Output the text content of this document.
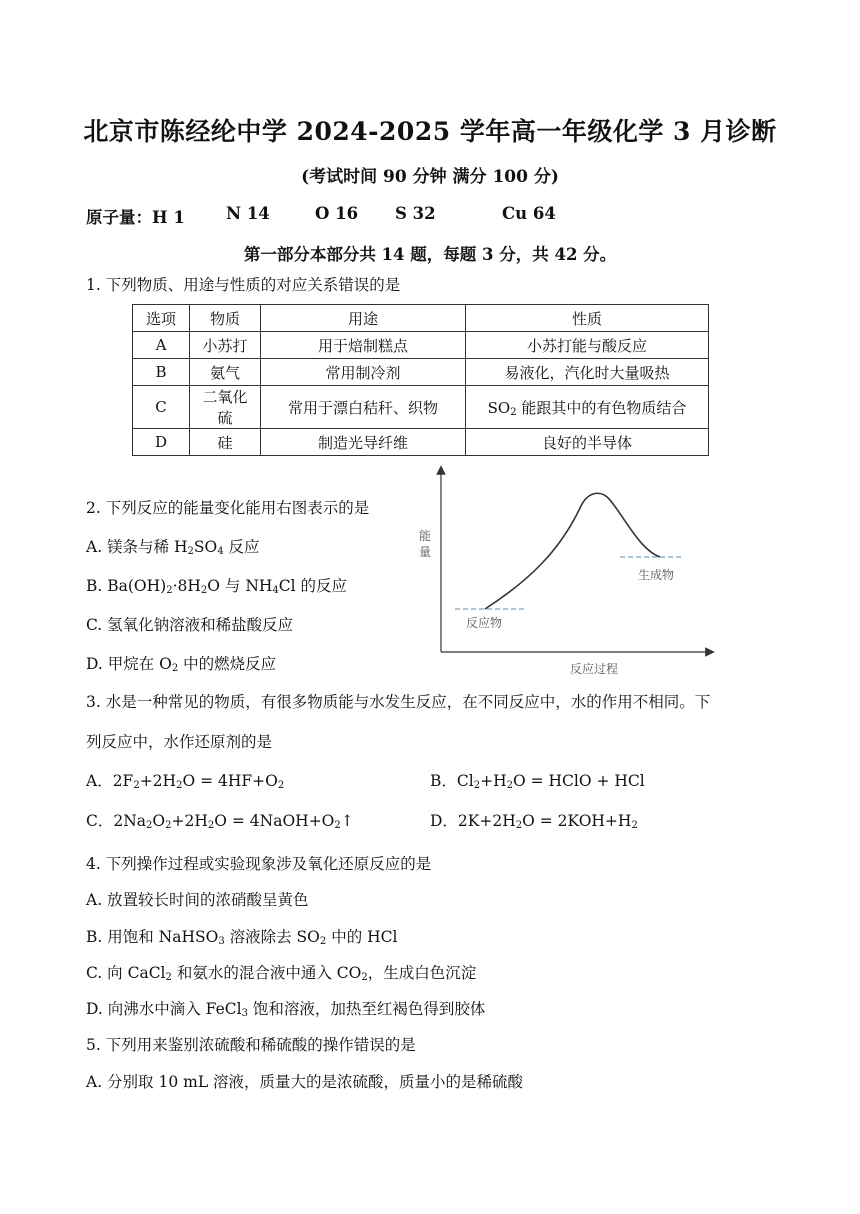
北京市陈经纶中学 2024-2025 学年高一年级化学 3 月诊断
(考试时间 90 分钟 满分 100 分)
原子量：H 1 N 14	O 16 S 32	Cu 64
第一部分本部分共 14 题，每题 3 分，共 42 分。
1. 下列物质、用途与性质的对应关系错误的是
选项	物质	用途	性质
A	小苏打	用于焙制糕点	小苏打能与酸反应
B	氨气	常用制冷剂	易液化，汽化时大量吸热
C	二氧化硫	常用于漂白秸秆、织物	$SO_2$ 能跟其中的有色物质结合
D	硅	制造光导纤维	良好的半导体
2. 下列反应的能量变化能用右图表示的是
A. 镁条与稀 $H_2SO_4$ 反应
B. $Ba(OH)_2\cdot 8H_2O$ 与 $NH_4Cl$ 的反应
C. 氢氧化钠溶液和稀盐酸反应
D. 甲烷在 $O_2$ 中的燃烧反应
能
量
反应物
生成物
反应过程
3. 水是一种常见的物质，有很多物质能与水发生反应，在不同反应中，水的作用不相同。下
列反应中，水作还原剂的是
A．$2F_2+2H_2O = 4HF+O_2$	B．$Cl_2+H_2O$ = HClO + HCl
C．$2Na_2O_2+2H_2O$ = $4NaOH+O_2↑$	D．$2K+2H_2O = 2KOH+H_2$
4. 下列操作过程或实验现象涉及氧化还原反应的是
A. 放置较长时间的浓硝酸呈黄色
B. 用饱和 NaHSO$_3$ 溶液除去 $SO_2$ 中的 HCl
C. 向 CaCl$_2$ 和氨水的混合液中通入 $CO_2$，生成白色沉淀
D. 向沸水中滴入 FeCl$_3$ 饱和溶液，加热至红褐色得到胶体
5. 下列用来鉴别浓硫酸和稀硫酸的操作错误的是
A. 分别取 10 mL 溶液，质量大的是浓硫酸，质量小的是稀硫酸
